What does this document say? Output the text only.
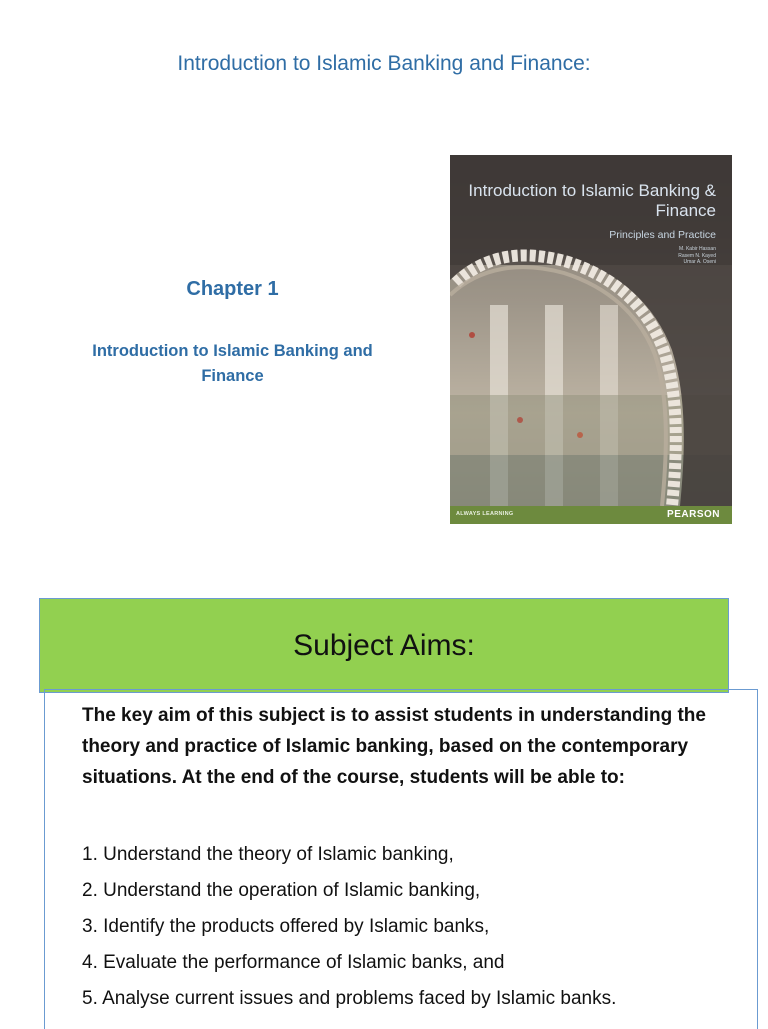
Introduction to Islamic Banking and Finance:
Chapter 1
Introduction to Islamic Banking and Finance
Introduction to Islamic Banking & Finance
Principles and Practice
M. Kabir Hassan
Rasem N. Kayed
Umar A. Oseni
ALWAYS LEARNING	PEARSON
Subject Aims:
The key aim of this subject is to assist students in understanding the theory and practice of Islamic banking, based on the contemporary situations. At the end of the course, students will be able to:
1. Understand the theory of Islamic banking,
2. Understand the operation of Islamic banking,
3. Identify the products offered by Islamic banks,
4. Evaluate the performance of Islamic banks, and
5. Analyse current issues and problems faced by Islamic banks.
